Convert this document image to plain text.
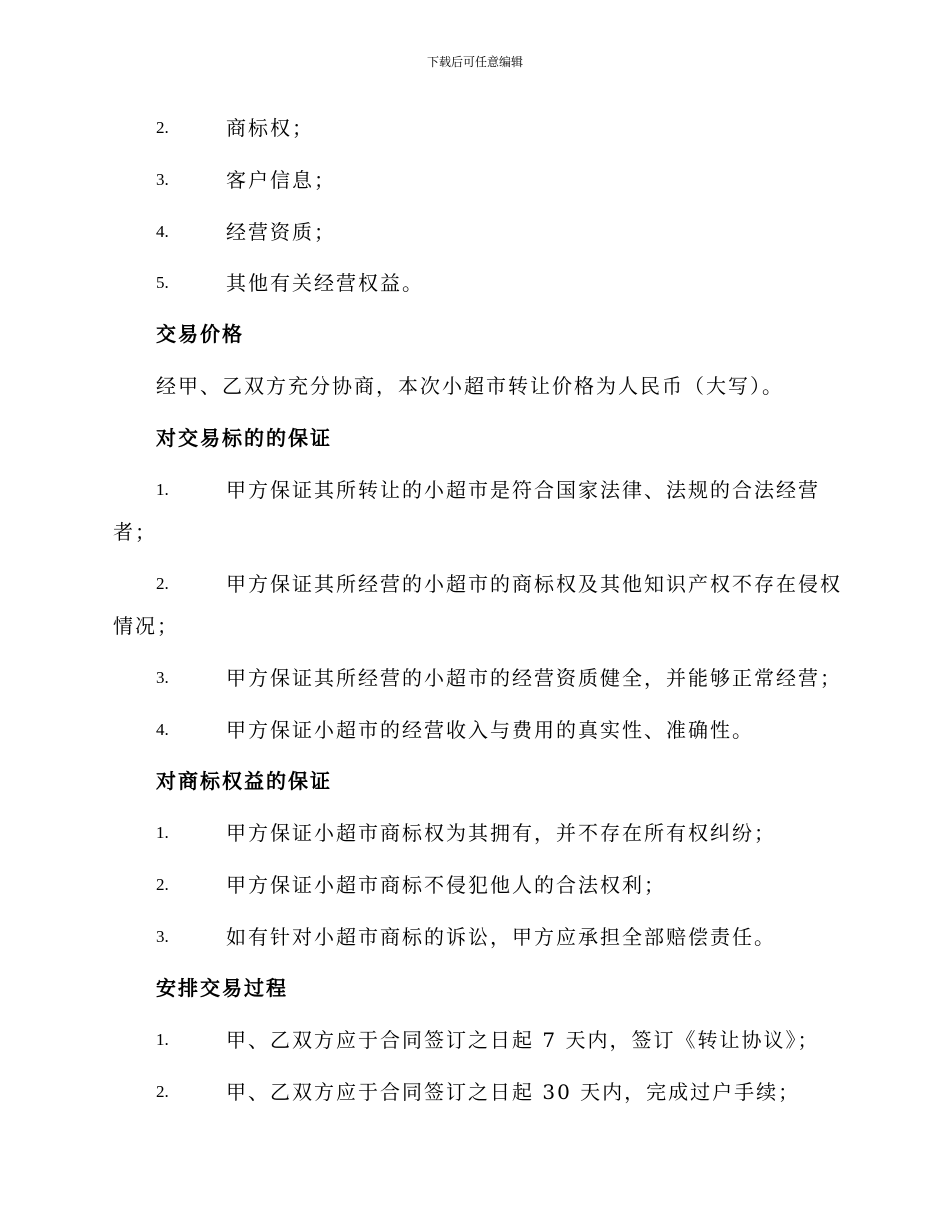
下载后可任意编辑
2.	商标权；
3.	客户信息；
4.	经营资质；
5.	其他有关经营权益。
交易价格
经甲、乙双方充分协商，本次小超市转让价格为人民币（大写）。
对交易标的的保证
1.	甲方保证其所转让的小超市是符合国家法律、法规的合法经营
者；
2.	甲方保证其所经营的小超市的商标权及其他知识产权不存在侵权
情况；
3.	甲方保证其所经营的小超市的经营资质健全，并能够正常经营；
4.	甲方保证小超市的经营收入与费用的真实性、准确性。
对商标权益的保证
1.	甲方保证小超市商标权为其拥有，并不存在所有权纠纷；
2.	甲方保证小超市商标不侵犯他人的合法权利；
3.	如有针对小超市商标的诉讼，甲方应承担全部赔偿责任。
安排交易过程
1.	甲、乙双方应于合同签订之日起 7 天内，签订《转让协议》；
2.	甲、乙双方应于合同签订之日起 30 天内，完成过户手续；
